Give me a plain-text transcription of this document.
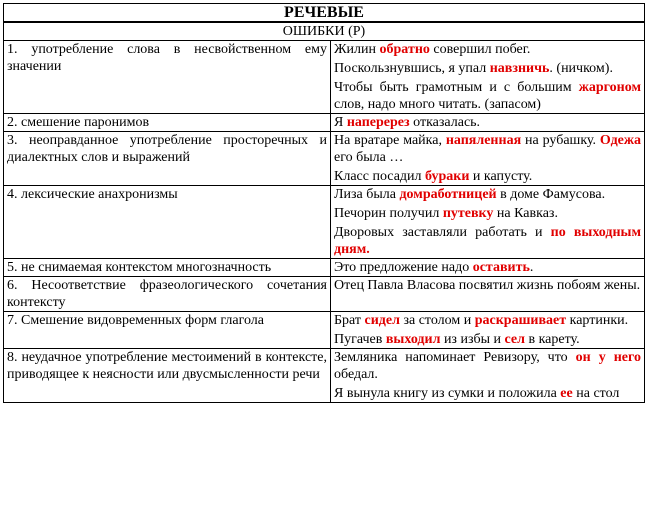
РЕЧЕВЫЕ	
ОШИБКИ (Р)	
1. употребление слова в несвойственном ему значении	Жилин обратно совершил побег.
Поскользнувшись, я упал навзничь. (ничком).
Чтобы быть грамотным и с большим жаргоном слов, надо много читать. (запасом)

2. смешение паронимов	Я наперерез отказалась.

3. неоправданное употребление просторечных и диалектных слов и выражений	На вратаре майка, напяленная на рубашку. Одежа его была …
Класс посадил бураки и капусту.

4. лексические анахронизмы	Лиза была домработницей в доме Фамусова.
Печорин получил путевку на Кавказ.
Дворовых заставляли работать и по выходным дням.

5. не снимаемая контекстом многозначность	Это предложение надо оставить.

6. Несоответствие фразеологического сочетания контексту	Отец Павла Власова посвятил жизнь побоям жены.

7. Смешение видовременных форм глагола	Брат сидел за столом и раскрашивает картинки.
Пугачев выходил из избы и сел в карету.

8. неудачное употребление местоимений в контексте, приводящее к неясности или двусмысленности речи	Земляника напоминает Ревизору, что он у него обедал.
Я вынула книгу из сумки и положила ее на стол
